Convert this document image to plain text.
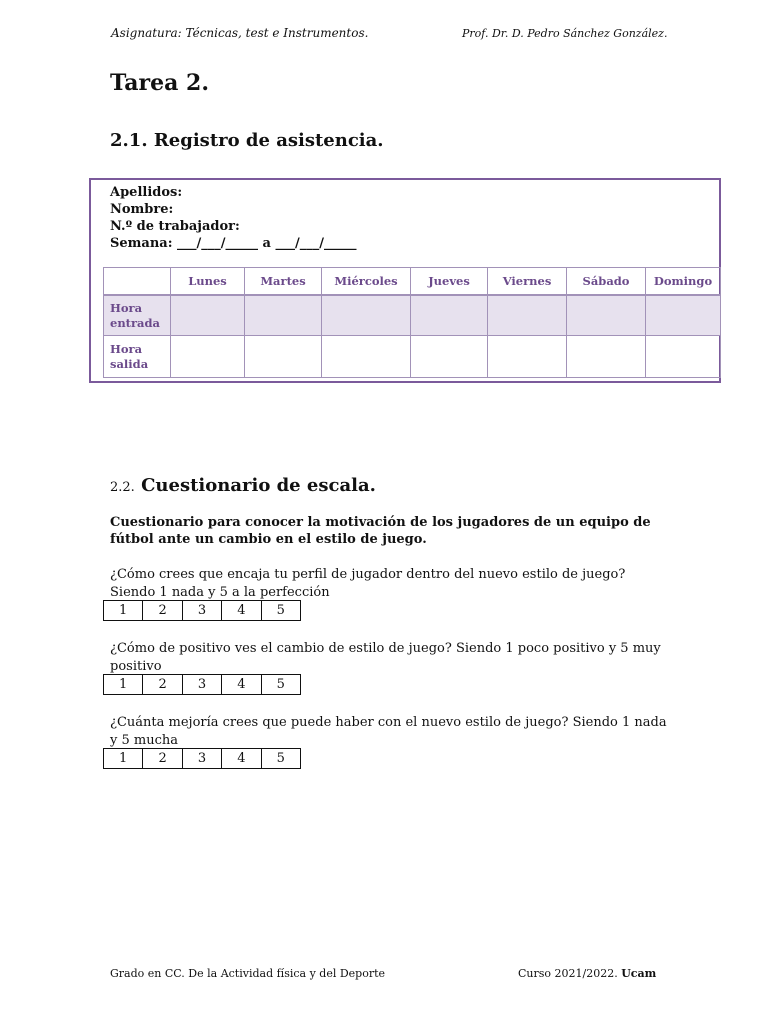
Asignatura: Técnicas, test e Instrumentos.	Prof. Dr. D. Pedro Sánchez González.
Tarea 2.
2.1. Registro de asistencia.
Apellidos:
Nombre:
N.º de trabajador:
Semana: ___/___/_____ a ___/___/_____
	Lunes	Martes	Miércoles	Jueves	Viernes	Sábado	Domingo
Hora entrada							
Hora salida							
2.2. Cuestionario de escala.
Cuestionario para conocer la motivación de los jugadores de un equipo de fútbol ante un cambio en el estilo de juego.
¿Cómo crees que encaja tu perfil de jugador dentro del nuevo estilo de juego? Siendo 1 nada y 5 a la perfección
1	2	3	4	5
¿Cómo de positivo ves el cambio de estilo de juego? Siendo 1 poco positivo y 5 muy positivo
1	2	3	4	5
¿Cuánta mejoría crees que puede haber con el nuevo estilo de juego? Siendo 1 nada y 5 mucha
1	2	3	4	5
Grado en CC. De la Actividad física y del Deporte	Curso 2021/2022. Ucam
